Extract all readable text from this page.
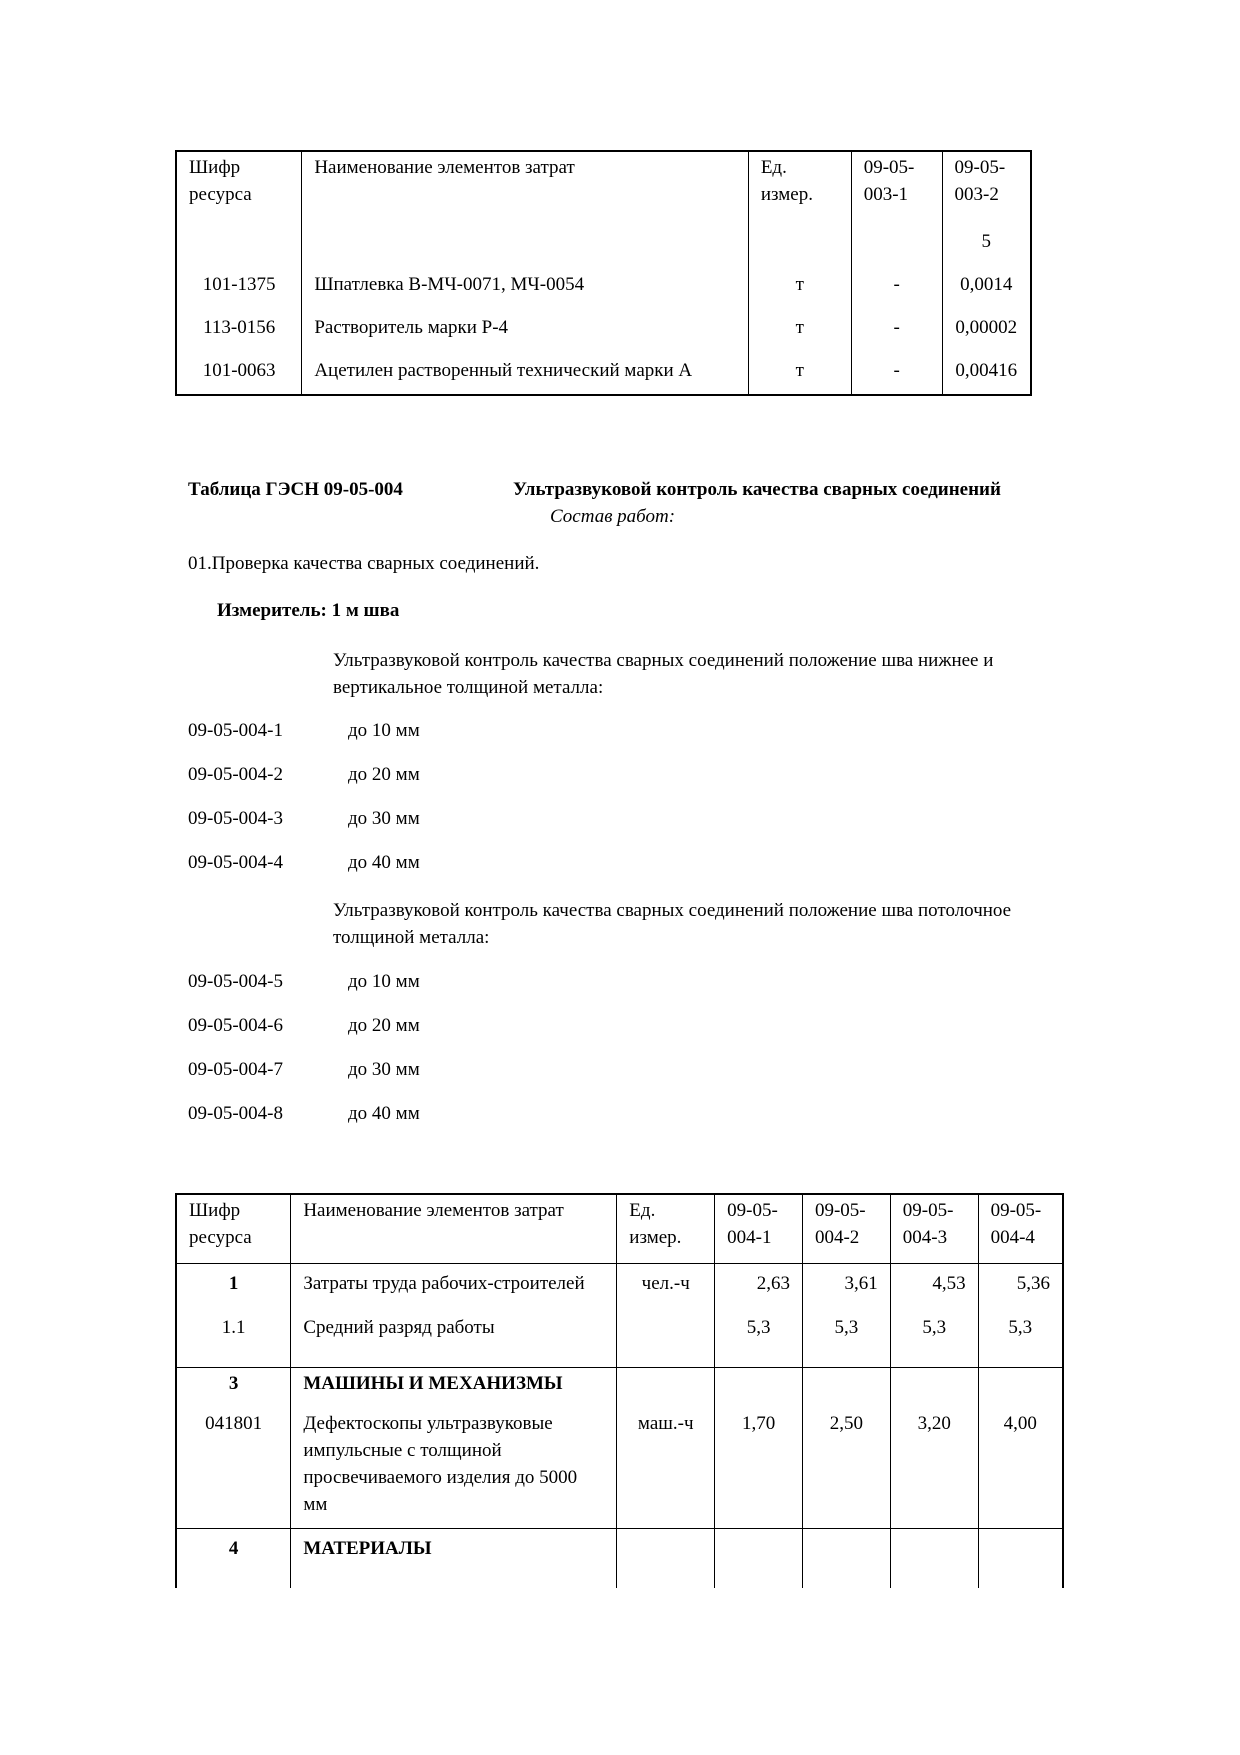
Шифр ресурса	Наименование элементов затрат	Ед. измер.	09-05-003-1	09-05-003-2
				5
101-1375	Шпатлевка В-МЧ-0071, МЧ-0054	т	-	0,0014
113-0156	Растворитель марки Р-4	т	-	0,00002
101-0063	Ацетилен растворенный технический марки А	т	-	0,00416
Таблица ГЭСН 09-05-004	Ультразвуковой контроль качества сварных соединений
Состав работ:
01.Проверка качества сварных соединений.
Измеритель: 1 м шва
Ультразвуковой контроль качества сварных соединений положение шва нижнее и вертикальное толщиной металла:
09-05-004-1	до 10 мм
09-05-004-2	до 20 мм
09-05-004-3	до 30 мм
09-05-004-4	до 40 мм
Ультразвуковой контроль качества сварных соединений положение шва потолочное толщиной металла:
09-05-004-5	до 10 мм
09-05-004-6	до 20 мм
09-05-004-7	до 30 мм
09-05-004-8	до 40 мм
Шифр ресурса	Наименование элементов затрат	Ед. измер.	09-05-004-1	09-05-004-2	09-05-004-3	09-05-004-4
1	Затраты труда рабочих-строителей	чел.-ч	2,63	3,61	4,53	5,36
1.1	Средний разряд работы		5,3	5,3	5,3	5,3
3	МАШИНЫ И МЕХАНИЗМЫ					
041801	Дефектоскопы ультразвуковые импульсные с толщиной просвечиваемого изделия до 5000 мм	маш.-ч	1,70	2,50	3,20	4,00
4	МАТЕРИАЛЫ					
